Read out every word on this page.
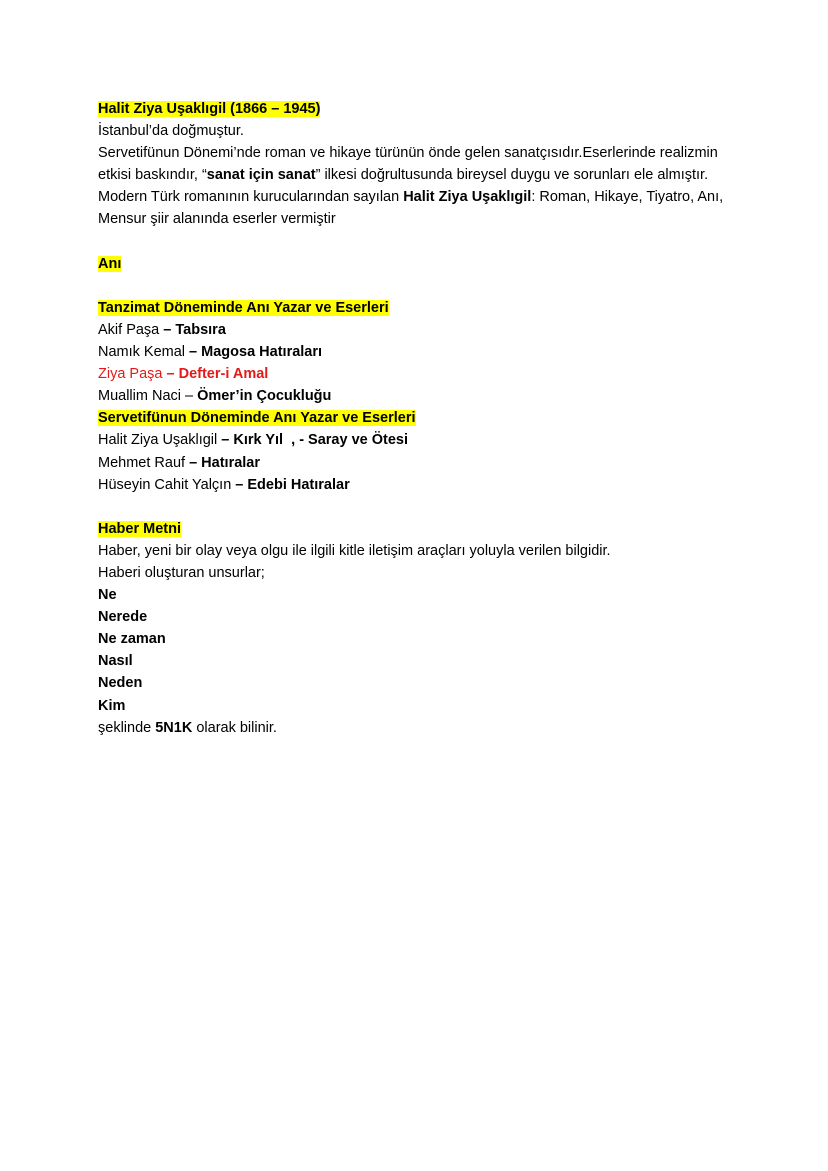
Halit Ziya Uşaklıgil (1866 – 1945)
İstanbul’da doğmuştur.
Servetifünun Dönemi’nde roman ve hikaye türünün önde gelen sanatçısıdır.Eserlerinde realizmin etkisi baskındır, “sanat için sanat” ilkesi doğrultusunda bireysel duygu ve sorunları ele almıştır.
Modern Türk romanının kurucularından sayılan Halit Ziya Uşaklıgil: Roman, Hikaye, Tiyatro, Anı, Mensur şiir alanında eserler vermiştir
Anı
Tanzimat Döneminde Anı Yazar ve Eserleri
Akif Paşa – Tabsıra
Namık Kemal – Magosa Hatıraları
Ziya Paşa – Defter-i Amal
Muallim Naci – Ömer’in Çocukluğu
Servetifünun Döneminde Anı Yazar ve Eserleri
Halit Ziya Uşaklıgil – Kırk Yıl  , - Saray ve Ötesi
Mehmet Rauf – Hatıralar
Hüseyin Cahit Yalçın – Edebi Hatıralar
Haber Metni
Haber, yeni bir olay veya olgu ile ilgili kitle iletişim araçları yoluyla verilen bilgidir.
Haberi oluşturan unsurlar;
Ne
Nerede
Ne zaman
Nasıl
Neden
Kim
şeklinde 5N1K olarak bilinir.
